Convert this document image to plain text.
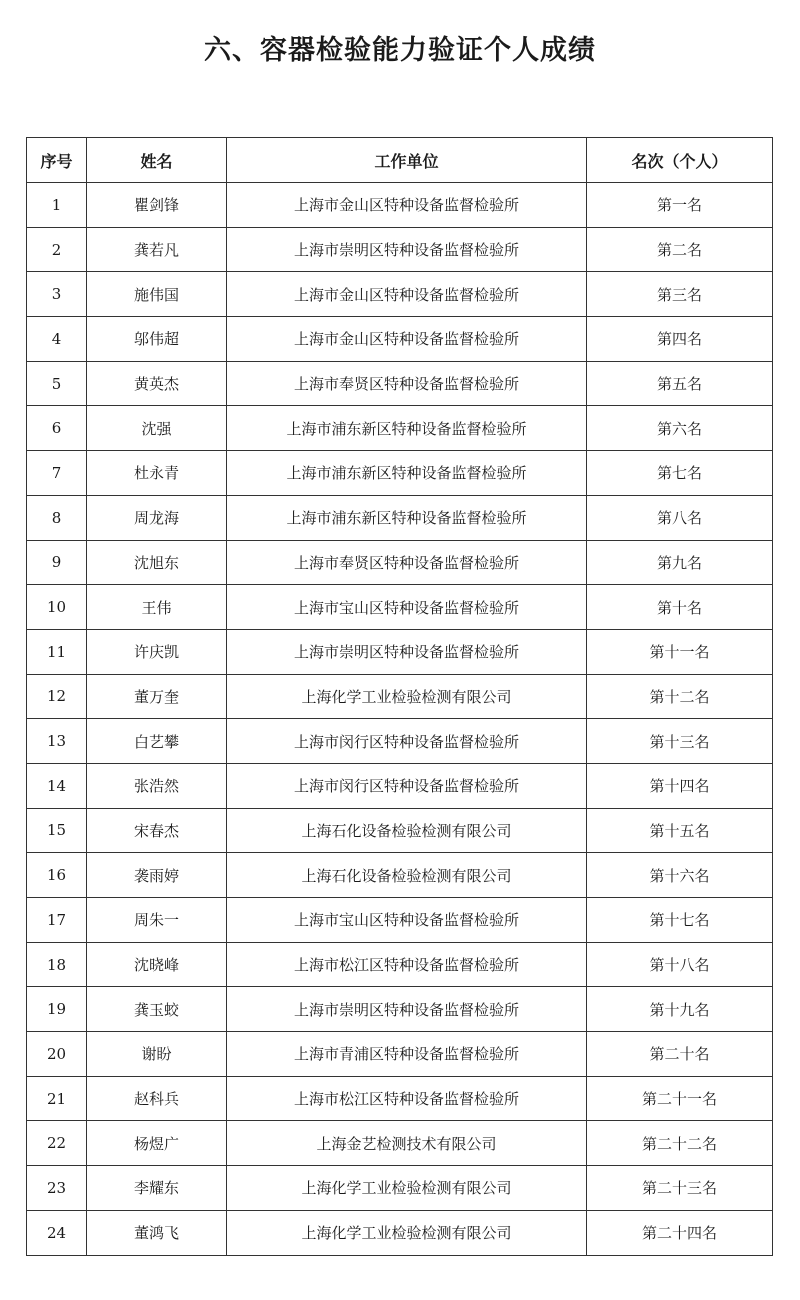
六、容器检验能力验证个人成绩
序号	姓名	工作单位	名次（个人）
1	瞿剑锋	上海市金山区特种设备监督检验所	第一名
2	龚若凡	上海市崇明区特种设备监督检验所	第二名
3	施伟国	上海市金山区特种设备监督检验所	第三名
4	邬伟超	上海市金山区特种设备监督检验所	第四名
5	黄英杰	上海市奉贤区特种设备监督检验所	第五名
6	沈强	上海市浦东新区特种设备监督检验所	第六名
7	杜永青	上海市浦东新区特种设备监督检验所	第七名
8	周龙海	上海市浦东新区特种设备监督检验所	第八名
9	沈旭东	上海市奉贤区特种设备监督检验所	第九名
10	王伟	上海市宝山区特种设备监督检验所	第十名
11	许庆凯	上海市崇明区特种设备监督检验所	第十一名
12	董万奎	上海化学工业检验检测有限公司	第十二名
13	白艺攀	上海市闵行区特种设备监督检验所	第十三名
14	张浩然	上海市闵行区特种设备监督检验所	第十四名
15	宋春杰	上海石化设备检验检测有限公司	第十五名
16	袭雨婷	上海石化设备检验检测有限公司	第十六名
17	周朱一	上海市宝山区特种设备监督检验所	第十七名
18	沈晓峰	上海市松江区特种设备监督检验所	第十八名
19	龚玉蛟	上海市崇明区特种设备监督检验所	第十九名
20	谢盼	上海市青浦区特种设备监督检验所	第二十名
21	赵科兵	上海市松江区特种设备监督检验所	第二十一名
22	杨煜广	上海金艺检测技术有限公司	第二十二名
23	李耀东	上海化学工业检验检测有限公司	第二十三名
24	董鸿飞	上海化学工业检验检测有限公司	第二十四名
